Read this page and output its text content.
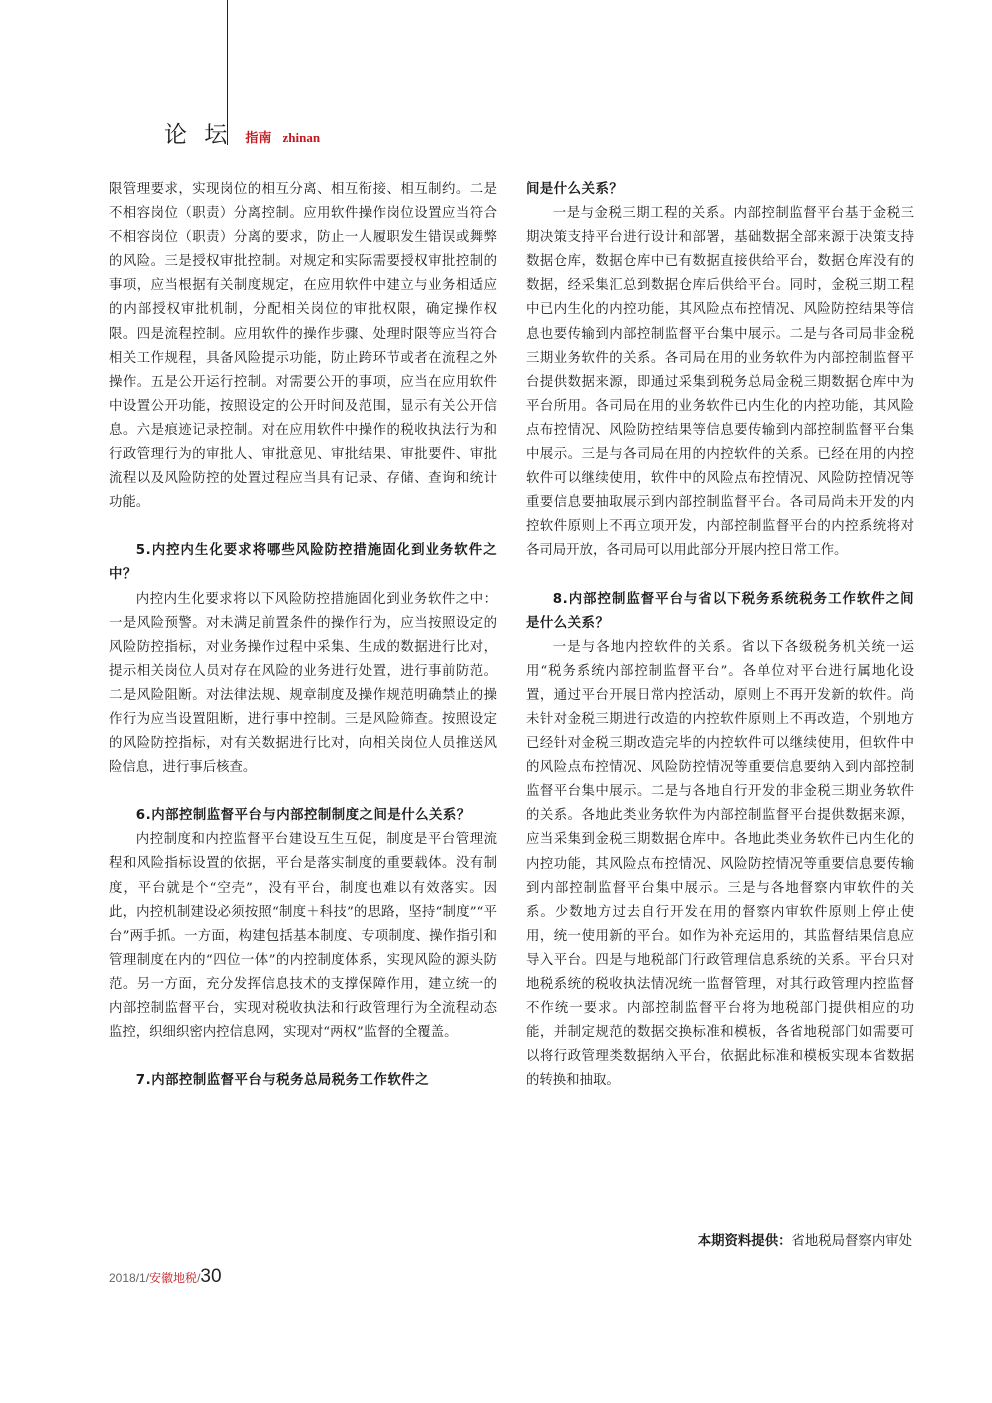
论 坛 指南 zhinan

限管理要求，实现岗位的相互分离、相互衔接、相互制约。二是不相容岗位（职责）分离控制。应用软件操作岗位设置应当符合不相容岗位（职责）分离的要求，防止一人履职发生错误或舞弊的风险。三是授权审批控制。对规定和实际需要授权审批控制的事项，应当根据有关制度规定，在应用软件中建立与业务相适应的内部授权审批机制，分配相关岗位的审批权限，确定操作权限。四是流程控制。应用软件的操作步骤、处理时限等应当符合相关工作规程，具备风险提示功能，防止跨环节或者在流程之外操作。五是公开运行控制。对需要公开的事项，应当在应用软件中设置公开功能，按照设定的公开时间及范围，显示有关公开信息。六是痕迹记录控制。对在应用软件中操作的税收执法行为和行政管理行为的审批人、审批意见、审批结果、审批要件、审批流程以及风险防控的处置过程应当具有记录、存储、查询和统计功能。

5.内控内生化要求将哪些风险防控措施固化到业务软件之中？

内控内生化要求将以下风险防控措施固化到业务软件之中：一是风险预警。对未满足前置条件的操作行为，应当按照设定的风险防控指标，对业务操作过程中采集、生成的数据进行比对，提示相关岗位人员对存在风险的业务进行处置，进行事前防范。二是风险阻断。对法律法规、规章制度及操作规范明确禁止的操作行为应当设置阻断，进行事中控制。三是风险筛查。按照设定的风险防控指标，对有关数据进行比对，向相关岗位人员推送风险信息，进行事后核查。

6.内部控制监督平台与内部控制制度之间是什么关系？

内控制度和内控监督平台建设互生互促，制度是平台管理流程和风险指标设置的依据，平台是落实制度的重要载体。没有制度，平台就是个“空壳”，没有平台，制度也难以有效落实。因此，内控机制建设必须按照“制度＋科技”的思路，坚持“制度”“平台”两手抓。一方面，构建包括基本制度、专项制度、操作指引和管理制度在内的“四位一体”的内控制度体系，实现风险的源头防范。另一方面，充分发挥信息技术的支撑保障作用，建立统一的内部控制监督平台，实现对税收执法和行政管理行为全流程动态监控，织细织密内控信息网，实现对“两权”监督的全覆盖。

7.内部控制监督平台与税务总局税务工作软件之
间是什么关系？

一是与金税三期工程的关系。内部控制监督平台基于金税三期决策支持平台进行设计和部署，基础数据全部来源于决策支持数据仓库，数据仓库中已有数据直接供给平台，数据仓库没有的数据，经采集汇总到数据仓库后供给平台。同时，金税三期工程中已内生化的内控功能，其风险点布控情况、风险防控结果等信息也要传输到内部控制监督平台集中展示。二是与各司局非金税三期业务软件的关系。各司局在用的业务软件为内部控制监督平台提供数据来源，即通过采集到税务总局金税三期数据仓库中为平台所用。各司局在用的业务软件已内生化的内控功能，其风险点布控情况、风险防控结果等信息要传输到内部控制监督平台集中展示。三是与各司局在用的内控软件的关系。已经在用的内控软件可以继续使用，软件中的风险点布控情况、风险防控情况等重要信息要抽取展示到内部控制监督平台。各司局尚未开发的内控软件原则上不再立项开发，内部控制监督平台的内控系统将对各司局开放，各司局可以用此部分开展内控日常工作。

8.内部控制监督平台与省以下税务系统税务工作软件之间是什么关系？

一是与各地内控软件的关系。省以下各级税务机关统一运用“税务系统内部控制监督平台”。各单位对平台进行属地化设置，通过平台开展日常内控活动，原则上不再开发新的软件。尚未针对金税三期进行改造的内控软件原则上不再改造，个别地方已经针对金税三期改造完毕的内控软件可以继续使用，但软件中的风险点布控情况、风险防控情况等重要信息要纳入到内部控制监督平台集中展示。二是与各地自行开发的非金税三期业务软件的关系。各地此类业务软件为内部控制监督平台提供数据来源，应当采集到金税三期数据仓库中。各地此类业务软件已内生化的内控功能，其风险点布控情况、风险防控情况等重要信息要传输到内部控制监督平台集中展示。三是与各地督察内审软件的关系。少数地方过去自行开发在用的督察内审软件原则上停止使用，统一使用新的平台。如作为补充运用的，其监督结果信息应导入平台。四是与地税部门行政管理信息系统的关系。平台只对地税系统的税收执法情况统一监督管理，对其行政管理内控监督不作统一要求。内部控制监督平台将为地税部门提供相应的功能，并制定规范的数据交换标准和模板，各省地税部门如需要可以将行政管理类数据纳入平台，依据此标准和模板实现本省数据的转换和抽取。

本期资料提供：省地税局督察内审处
2018/1/安徽地税/30
